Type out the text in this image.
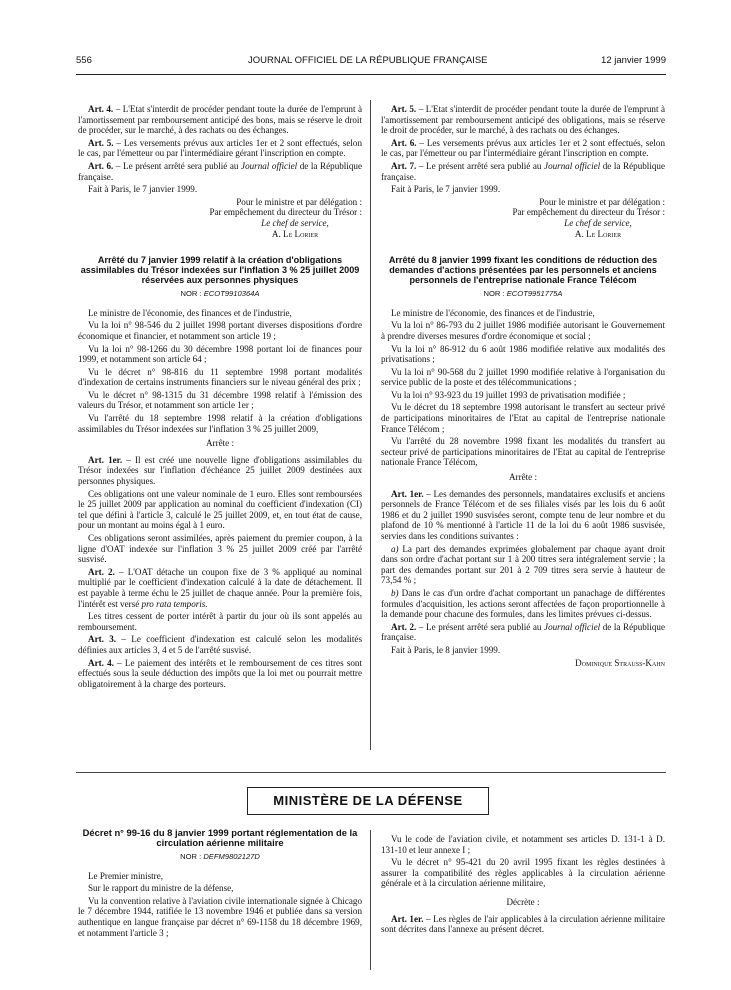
556	JOURNAL OFFICIEL DE LA RÉPUBLIQUE FRANÇAISE	12 janvier 1999

Art. 4. – L'Etat s'interdit de procéder pendant toute la durée de l'emprunt à l'amortissement par remboursement anticipé des bons, mais se réserve le droit de procéder, sur le marché, à des rachats ou des échanges.

Art. 5. – Les versements prévus aux articles 1er et 2 sont effectués, selon le cas, par l'émetteur ou par l'intermédiaire gérant l'inscription en compte.

Art. 6. – Le présent arrêté sera publié au Journal officiel de la République française.

Fait à Paris, le 7 janvier 1999.

Pour le ministre et par délégation :

Par empêchement du directeur du Trésor :

Le chef de service,

A. Le Lorier

Arrêté du 7 janvier 1999 relatif à la création d'obligations assimilables du Trésor indexées sur l'inflation 3 % 25 juillet 2009 réservées aux personnes physiques
NOR : ECOT9910364A

Le ministre de l'économie, des finances et de l'industrie,

Vu la loi n° 98-546 du 2 juillet 1998 portant diverses dispositions d'ordre économique et financier, et notamment son article 19 ;

Vu la loi n° 98-1266 du 30 décembre 1998 portant loi de finances pour 1999, et notamment son article 64 ;

Vu le décret n° 98-816 du 11 septembre 1998 portant modalités d'indexation de certains instruments financiers sur le niveau général des prix ;

Vu le décret n° 98-1315 du 31 décembre 1998 relatif à l'émission des valeurs du Trésor, et notamment son article 1er ;

Vu l'arrêté du 18 septembre 1998 relatif à la création d'obligations assimilables du Trésor indexées sur l'inflation 3 % 25 juillet 2009,

Arrête :

Art. 1er. – Il est créé une nouvelle ligne d'obligations assimilables du Trésor indexées sur l'inflation d'échéance 25 juillet 2009 destinées aux personnes physiques.

Ces obligations ont une valeur nominale de 1 euro. Elles sont remboursées le 25 juillet 2009 par application au nominal du coefficient d'indexation (CI) tel que défini à l'article 3, calculé le 25 juillet 2009, et, en tout état de cause, pour un montant au moins égal à 1 euro.

Ces obligations seront assimilées, après paiement du premier coupon, à la ligne d'OAT indexée sur l'inflation 3 % 25 juillet 2009 créé par l'arrêté susvisé.

Art. 2. – L'OAT détache un coupon fixe de 3 % appliqué au nominal multiplié par le coefficient d'indexation calculé à la date de détachement. Il est payable à terme échu le 25 juillet de chaque année. Pour la première fois, l'intérêt est versé pro rata temporis.

Les titres cessent de porter intérêt à partir du jour où ils sont appelés au remboursement.

Art. 3. – Le coefficient d'indexation est calculé selon les modalités définies aux articles 3, 4 et 5 de l'arrêté susvisé.

Art. 4. – Le paiement des intérêts et le remboursement de ces titres sont effectués sous la seule déduction des impôts que la loi met ou pourrait mettre obligatoirement à la charge des porteurs.

Art. 5. – L'Etat s'interdit de procéder pendant toute la durée de l'emprunt à l'amortissement par remboursement anticipé des obligations, mais se réserve le droit de procéder, sur le marché, à des rachats ou des échanges.

Art. 6. – Les versements prévus aux articles 1er et 2 sont effectués, selon le cas, par l'émetteur ou par l'intermédiaire gérant l'inscription en compte.

Art. 7. – Le présent arrêté sera publié au Journal officiel de la République française.

Fait à Paris, le 7 janvier 1999.

Pour le ministre et par délégation :

Par empêchement du directeur du Trésor :

Le chef de service,

A. Le Lorier

Arrêté du 8 janvier 1999 fixant les conditions de réduction des demandes d'actions présentées par les personnels et anciens personnels de l'entreprise nationale France Télécom
NOR : ECOT9951775A

Le ministre de l'économie, des finances et de l'industrie,

Vu la loi n° 86-793 du 2 juillet 1986 modifiée autorisant le Gouvernement à prendre diverses mesures d'ordre économique et social ;

Vu la loi n° 86-912 du 6 août 1986 modifiée relative aux modalités des privatisations ;

Vu la loi n° 90-568 du 2 juillet 1990 modifiée relative à l'organisation du service public de la poste et des télécommunications ;

Vu la loi n° 93-923 du 19 juillet 1993 de privatisation modifiée ;

Vu le décret du 18 septembre 1998 autorisant le transfert au secteur privé de participations minoritaires de l'Etat au capital de l'entreprise nationale France Télécom ;

Vu l'arrêté du 28 novembre 1998 fixant les modalités du transfert au secteur privé de participations minoritaires de l'Etat au capital de l'entreprise nationale France Télécom,

Arrête :

Art. 1er. – Les demandes des personnels, mandataires exclusifs et anciens personnels de France Télécom et de ses filiales visés par les lois du 6 août 1986 et du 2 juillet 1990 susvisées seront, compte tenu de leur nombre et du plafond de 10 % mentionné à l'article 11 de la loi du 6 août 1986 susvisée, servies dans les conditions suivantes :

a) La part des demandes exprimées globalement par chaque ayant droit dans son ordre d'achat portant sur 1 à 200 titres sera intégralement servie ; la part des demandes portant sur 201 à 2 709 titres sera servie à hauteur de 73,54 % ;

b) Dans le cas d'un ordre d'achat comportant un panachage de différentes formules d'acquisition, les actions seront affectées de façon proportionnelle à la demande pour chacune des formules, dans les limites prévues ci-dessus.

Art. 2. – Le présent arrêté sera publié au Journal officiel de la République française.

Fait à Paris, le 8 janvier 1999.

Dominique Strauss-Kahn

MINISTÈRE DE LA DÉFENSE
Décret n° 99-16 du 8 janvier 1999 portant réglementation de la circulation aérienne militaire
NOR : DEFM9802127D

Le Premier ministre,

Sur le rapport du ministre de la défense,

Vu la convention relative à l'aviation civile internationale signée à Chicago le 7 décembre 1944, ratifiée le 13 novembre 1946 et publiée dans sa version authentique en langue française par décret n° 69-1158 du 18 décembre 1969, et notamment l'article 3 ;

Vu le code de l'aviation civile, et notamment ses articles D. 131-1 à D. 131-10 et leur annexe I ;

Vu le décret n° 95-421 du 20 avril 1995 fixant les règles destinées à assurer la compatibilité des règles applicables à la circulation aérienne générale et à la circulation aérienne militaire,

Décrète :

Art. 1er. – Les règles de l'air applicables à la circulation aérienne militaire sont décrites dans l'annexe au présent décret.
